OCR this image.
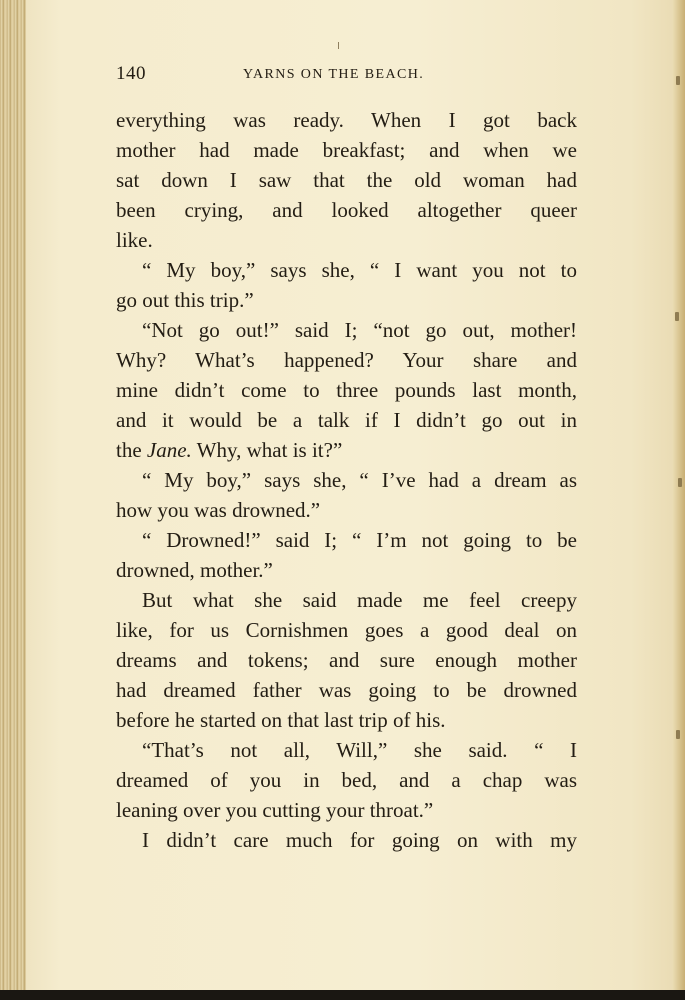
140	YARNS ON THE BEACH.
everything was ready. When I got back
mother had made breakfast; and when we
sat down I saw that the old woman had
been crying, and looked altogether queer
like.
“ My boy,” says she, “ I want you not to
go out this trip.”
“Not go out!” said I; “not go out, mother!
Why? What’s happened? Your share and
mine didn’t come to three pounds last month,
and it would be a talk if I didn’t go out in
the Jane. Why, what is it?”
“ My boy,” says she, “ I’ve had a dream as
how you was drowned.”
“ Drowned!” said I; “ I’m not going to be
drowned, mother.”
But what she said made me feel creepy
like, for us Cornishmen goes a good deal on
dreams and tokens; and sure enough mother
had dreamed father was going to be drowned
before he started on that last trip of his.
“That’s not all, Will,” she said. “ I
dreamed of you in bed, and a chap was
leaning over you cutting your throat.”
I didn’t care much for going on with my
